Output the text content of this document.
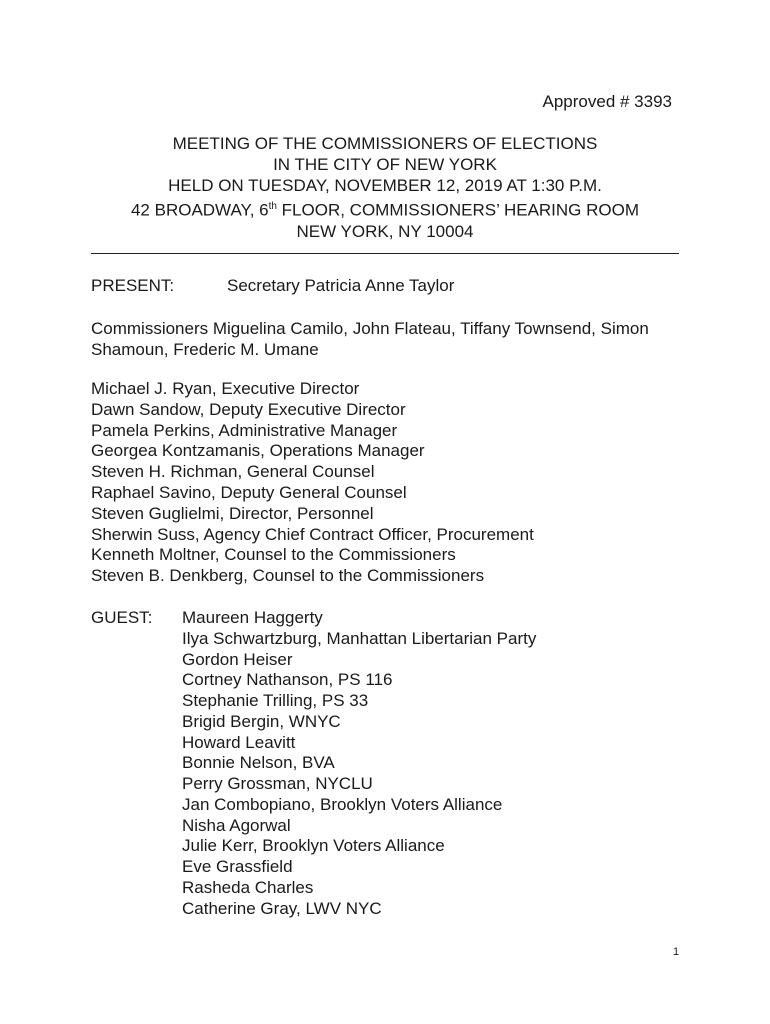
Approved # 3393
MEETING OF THE COMMISSIONERS OF ELECTIONS
IN THE CITY OF NEW YORK
HELD ON TUESDAY, NOVEMBER 12, 2019 AT 1:30 P.M.
42 BROADWAY, 6th FLOOR, COMMISSIONERS’ HEARING ROOM
NEW YORK, NY 10004
PRESENT:	Secretary Patricia Anne Taylor
Commissioners Miguelina Camilo, John Flateau, Tiffany Townsend, Simon Shamoun, Frederic M. Umane
Michael J. Ryan, Executive Director
Dawn Sandow, Deputy Executive Director
Pamela Perkins, Administrative Manager
Georgea Kontzamanis, Operations Manager
Steven H. Richman, General Counsel
Raphael Savino, Deputy General Counsel
Steven Guglielmi, Director, Personnel
Sherwin Suss, Agency Chief Contract Officer, Procurement
Kenneth Moltner, Counsel to the Commissioners
Steven B. Denkberg, Counsel to the Commissioners
GUEST: Maureen Haggerty
Ilya Schwartzburg, Manhattan Libertarian Party
Gordon Heiser
Cortney Nathanson, PS 116
Stephanie Trilling, PS 33
Brigid Bergin, WNYC
Howard Leavitt
Bonnie Nelson, BVA
Perry Grossman, NYCLU
Jan Combopiano, Brooklyn Voters Alliance
Nisha Agorwal
Julie Kerr, Brooklyn Voters Alliance
Eve Grassfield
Rasheda Charles
Catherine Gray, LWV NYC
1
